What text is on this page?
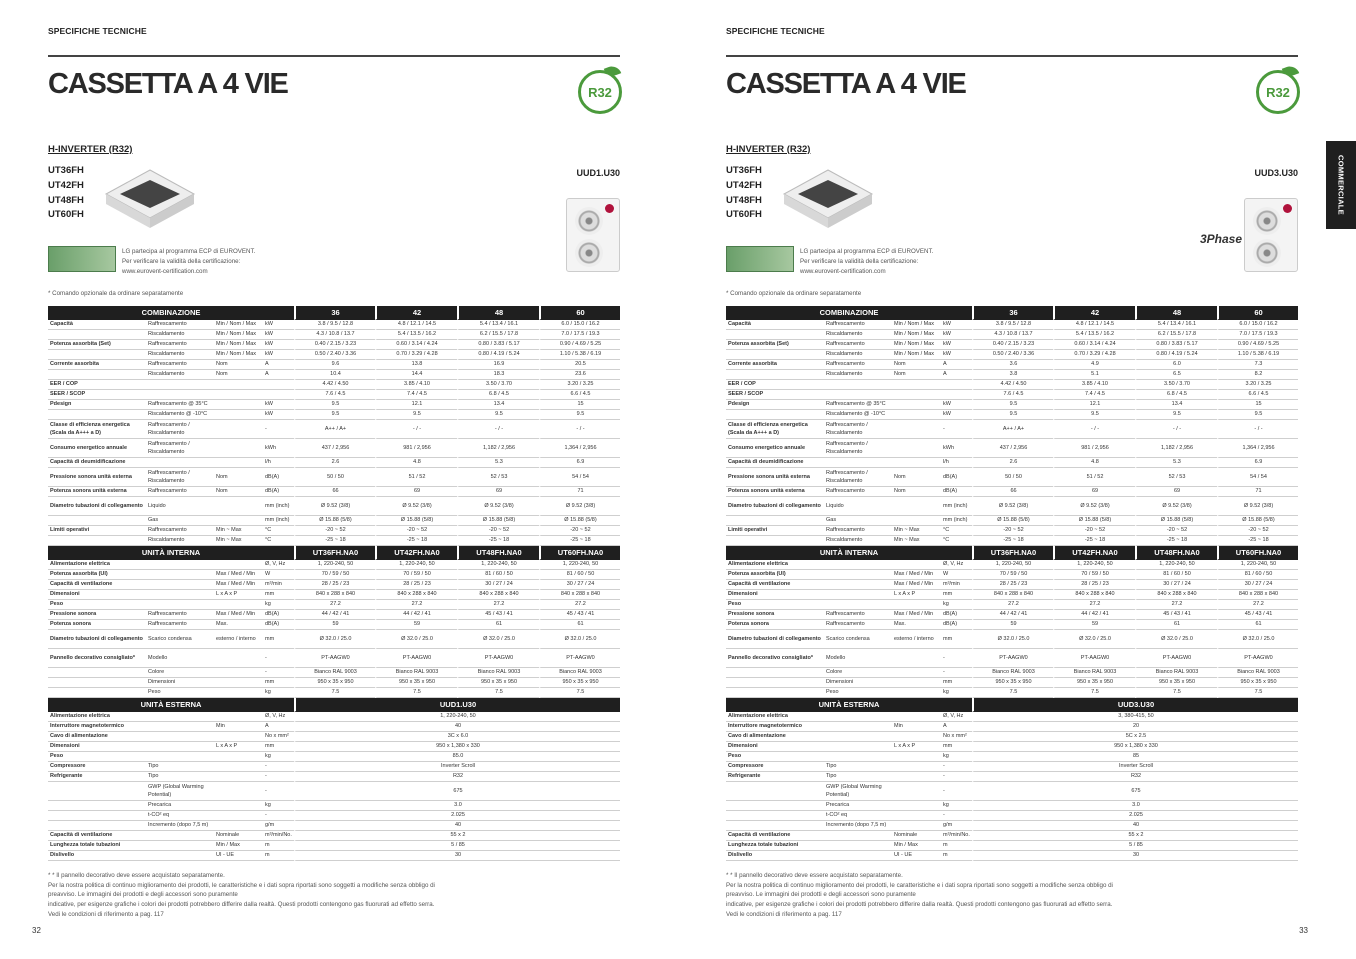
SPECIFICHE TECNICHE
CASSETTA A 4 VIE	R32
H-INVERTER (R32)
UT36FH
UT42FH
UT48FH
UT60FH
UUD1.U30
LG partecipa al programma ECP di EUROVENT.
Per verificare la validità della certificazione:
www.eurovent-certification.com
* Comando opzionale da ordinare separatamente
COMBINAZIONE				36	42	48	60
Capacità	Raffrescamento	Min / Nom / Max	kW	3.8 / 9.5 / 12.8	4.8 / 12.1 / 14.5	5.4 / 13.4 / 16.1	6.0 / 15.0 / 16.2
	Riscaldamento	Min / Nom / Max	kW	4.3 / 10.8 / 13.7	5.4 / 13.5 / 16.2	6.2 / 15.5 / 17.8	7.0 / 17.5 / 19.3
Potenza assorbita (Set)	Raffrescamento	Min / Nom / Max	kW	0.40 / 2.15 / 3.23	0.60 / 3.14 / 4.24	0.80 / 3.83 / 5.17	0.90 / 4.69 / 5.25
	Riscaldamento	Min / Nom / Max	kW	0.50 / 2.40 / 3.36	0.70 / 3.29 / 4.28	0.80 / 4.19 / 5.24	1.10 / 5.38 / 6.19
Corrente assorbita	Raffrescamento	Nom	A	9.6	13.8	16.9	20.5
	Riscaldamento	Nom	A	10.4	14.4	18.3	23.6
EER / COP				4.42 / 4.50	3.85 / 4.10	3.50 / 3.70	3.20 / 3.25
SEER / SCOP				7.6 / 4.5	7.4 / 4.5	6.8 / 4.5	6.6 / 4.5
Pdesign	Raffrescamento @ 35°C		kW	9.5	12.1	13.4	15
	Riscaldamento @ -10°C		kW	9.5	9.5	9.5	9.5
Classe di efficienza energetica (Scala da A+++ a D)	Raffrescamento / Riscaldamento		-	A++ / A+	- / -	- / -	- / -
Consumo energetico annuale	Raffrescamento / Riscaldamento		kWh	437 / 2,956	981 / 2,956	1,182 / 2,956	1,364 / 2,956
Capacità di deumidificazione			l/h	2.6	4.8	5.3	6.9
Pressione sonora unità esterna	Raffrescamento / Riscaldamento	Nom	dB(A)	50 / 50	51 / 52	52 / 53	54 / 54
Potenza sonora unità esterna	Raffrescamento	Nom	dB(A)	66	69	69	71
Diametro tubazioni di collegamento	Liquido		mm (inch)	Ø 9.52 (3/8)	Ø 9.52 (3/8)	Ø 9.52 (3/8)	Ø 9.52 (3/8)
	Gas		mm (inch)	Ø 15.88 (5/8)	Ø 15.88 (5/8)	Ø 15.88 (5/8)	Ø 15.88 (5/8)
Limiti operativi	Raffrescamento	Min ~ Max	°C	-20 ~ 52	-20 ~ 52	-20 ~ 52	-20 ~ 52
	Riscaldamento	Min ~ Max	°C	-25 ~ 18	-25 ~ 18	-25 ~ 18	-25 ~ 18
UNITÀ INTERNA				UT36FH.NA0	UT42FH.NA0	UT48FH.NA0	UT60FH.NA0
Alimentazione elettrica			Ø, V, Hz	1, 220-240, 50	1, 220-240, 50	1, 220-240, 50	1, 220-240, 50
Potenza assorbita (UI)		Max / Med / Min	W	70 / 59 / 50	70 / 59 / 50	81 / 60 / 50	81 / 60 / 50
Capacità di ventilazione		Max / Med / Min	m³/min	28 / 25 / 23	28 / 25 / 23	30 / 27 / 24	30 / 27 / 24
Dimensioni		L x A x P	mm	840 x 288 x 840	840 x 288 x 840	840 x 288 x 840	840 x 288 x 840
Peso			kg	27.2	27.2	27.2	27.2
Pressione sonora	Raffrescamento	Max / Med / Min	dB(A)	44 / 42 / 41	44 / 42 / 41	45 / 43 / 41	45 / 43 / 41
Potenza sonora	Raffrescamento	Max.	dB(A)	59	59	61	61
Diametro tubazioni di collegamento	Scarico condensa	esterno / interno	mm	Ø 32.0 / 25.0	Ø 32.0 / 25.0	Ø 32.0 / 25.0	Ø 32.0 / 25.0
Pannello decorativo consigliato*	Modello		-	PT-AAGW0	PT-AAGW0	PT-AAGW0	PT-AAGW0
	Colore		-	Bianco RAL 9003	Bianco RAL 9003	Bianco RAL 9003	Bianco RAL 9003
	Dimensioni		mm	950 x 35 x 950	950 x 35 x 950	950 x 35 x 950	950 x 35 x 950
	Peso		kg	7.5	7.5	7.5	7.5
UNITÀ ESTERNA				UUD1.U30			
Alimentazione elettrica			Ø, V, Hz	1, 220-240, 50			
Interruttore magnetotermico		Min	A	40			
Cavo di alimentazione			No x mm²	3C x 6.0			
Dimensioni		L x A x P	mm	950 x 1,380 x 330			
Peso			kg	85.0			
Compressore	Tipo		-	Inverter Scroll			
Refrigerante	Tipo		-	R32			
	GWP (Global Warming Potential)		-	675			
	Precarica		kg	3.0			
	t-CO² eq		-	2.025			
	Incremento (dopo 7,5 m)		g/m	40			
Capacità di ventilazione		Nominale	m³/min/No.	55 x 2			
Lunghezza totale tubazioni		Min / Max	m	5 / 85			
Dislivello		UI - UE	m	30			
* * Il pannello decorativo deve essere acquistato separatamente.
Per la nostra politica di continuo miglioramento dei prodotti, le caratteristiche e i dati sopra riportati sono soggetti a modifiche senza obbligo di
preavviso. Le immagini dei prodotti e degli accessori sono puramente
indicative, per esigenze grafiche i colori dei prodotti potrebbero differire dalla realtà. Questi prodotti contengono gas fluorurati ad effetto serra.
Vedi le condizioni di riferimento a pag. 117
32
SPECIFICHE TECNICHE
CASSETTA A 4 VIE	R32
H-INVERTER (R32)
UT36FH
UT42FH
UT48FH
UT60FH
UUD3.U30
3Phase
LG partecipa al programma ECP di EUROVENT.
Per verificare la validità della certificazione:
www.eurovent-certification.com
* Comando opzionale da ordinare separatamente
COMBINAZIONE				36	42	48	60
Capacità	Raffrescamento	Min / Nom / Max	kW	3.8 / 9.5 / 12.8	4.8 / 12.1 / 14.5	5.4 / 13.4 / 16.1	6.0 / 15.0 / 16.2
	Riscaldamento	Min / Nom / Max	kW	4.3 / 10.8 / 13.7	5.4 / 13.5 / 16.2	6.2 / 15.5 / 17.8	7.0 / 17.5 / 19.3
Potenza assorbita (Set)	Raffrescamento	Min / Nom / Max	kW	0.40 / 2.15 / 3.23	0.60 / 3.14 / 4.24	0.80 / 3.83 / 5.17	0.90 / 4.69 / 5.25
	Riscaldamento	Min / Nom / Max	kW	0.50 / 2.40 / 3.36	0.70 / 3.29 / 4.28	0.80 / 4.19 / 5.24	1.10 / 5.38 / 6.19
Corrente assorbita	Raffrescamento	Nom	A	3.6	4.9	6.0	7.3
	Riscaldamento	Nom	A	3.8	5.1	6.5	8.2
EER / COP				4.42 / 4.50	3.85 / 4.10	3.50 / 3.70	3.20 / 3.25
SEER / SCOP				7.6 / 4.5	7.4 / 4.5	6.8 / 4.5	6.6 / 4.5
Pdesign	Raffrescamento @ 35°C		kW	9.5	12.1	13.4	15
	Riscaldamento @ -10°C		kW	9.5	9.5	9.5	9.5
Classe di efficienza energetica (Scala da A+++ a D)	Raffrescamento / Riscaldamento		-	A++ / A+	- / -	- / -	- / -
Consumo energetico annuale	Raffrescamento / Riscaldamento		kWh	437 / 2,956	981 / 2,956	1,182 / 2,956	1,364 / 2,956
Capacità di deumidificazione			l/h	2.6	4.8	5.3	6.9
Pressione sonora unità esterna	Raffrescamento / Riscaldamento	Nom	dB(A)	50 / 50	51 / 52	52 / 53	54 / 54
Potenza sonora unità esterna	Raffrescamento	Nom	dB(A)	66	69	69	71
Diametro tubazioni di collegamento	Liquido		mm (inch)	Ø 9.52 (3/8)	Ø 9.52 (3/8)	Ø 9.52 (3/8)	Ø 9.52 (3/8)
	Gas		mm (inch)	Ø 15.88 (5/8)	Ø 15.88 (5/8)	Ø 15.88 (5/8)	Ø 15.88 (5/8)
Limiti operativi	Raffrescamento	Min ~ Max	°C	-20 ~ 52	-20 ~ 52	-20 ~ 52	-20 ~ 52
	Riscaldamento	Min ~ Max	°C	-25 ~ 18	-25 ~ 18	-25 ~ 18	-25 ~ 18
UNITÀ INTERNA				UT36FH.NA0	UT42FH.NA0	UT48FH.NA0	UT60FH.NA0
Alimentazione elettrica			Ø, V, Hz	1, 220-240, 50	1, 220-240, 50	1, 220-240, 50	1, 220-240, 50
Potenza assorbita (UI)		Max / Med / Min	W	70 / 59 / 50	70 / 59 / 50	81 / 60 / 50	81 / 60 / 50
Capacità di ventilazione		Max / Med / Min	m³/min	28 / 25 / 23	28 / 25 / 23	30 / 27 / 24	30 / 27 / 24
Dimensioni		L x A x P	mm	840 x 288 x 840	840 x 288 x 840	840 x 288 x 840	840 x 288 x 840
Peso			kg	27.2	27.2	27.2	27.2
Pressione sonora	Raffrescamento	Max / Med / Min	dB(A)	44 / 42 / 41	44 / 42 / 41	45 / 43 / 41	45 / 43 / 41
Potenza sonora	Raffrescamento	Max.	dB(A)	59	59	61	61
Diametro tubazioni di collegamento	Scarico condensa	esterno / interno	mm	Ø 32.0 / 25.0	Ø 32.0 / 25.0	Ø 32.0 / 25.0	Ø 32.0 / 25.0
Pannello decorativo consigliato*	Modello		-	PT-AAGW0	PT-AAGW0	PT-AAGW0	PT-AAGW0
	Colore		-	Bianco RAL 9003	Bianco RAL 9003	Bianco RAL 9003	Bianco RAL 9003
	Dimensioni		mm	950 x 35 x 950	950 x 35 x 950	950 x 35 x 950	950 x 35 x 950
	Peso		kg	7.5	7.5	7.5	7.5
UNITÀ ESTERNA				UUD3.U30			
Alimentazione elettrica			Ø, V, Hz	3, 380-415, 50			
Interruttore magnetotermico		Min	A	20			
Cavo di alimentazione			No x mm²	5C x 2.5			
Dimensioni		L x A x P	mm	950 x 1,380 x 330			
Peso			kg	85			
Compressore	Tipo		-	Inverter Scroll			
Refrigerante	Tipo		-	R32			
	GWP (Global Warming Potential)		-	675			
	Precarica		kg	3.0			
	t-CO² eq		-	2.025			
	Incremento (dopo 7,5 m)		g/m	40			
Capacità di ventilazione		Nominale	m³/min/No.	55 x 2			
Lunghezza totale tubazioni		Min / Max	m	5 / 85			
Dislivello		UI - UE	m	30			
* * Il pannello decorativo deve essere acquistato separatamente.
Per la nostra politica di continuo miglioramento dei prodotti, le caratteristiche e i dati sopra riportati sono soggetti a modifiche senza obbligo di
preavviso. Le immagini dei prodotti e degli accessori sono puramente
indicative, per esigenze grafiche i colori dei prodotti potrebbero differire dalla realtà. Questi prodotti contengono gas fluorurati ad effetto serra.
Vedi le condizioni di riferimento a pag. 117
33
COMMERCIALE
